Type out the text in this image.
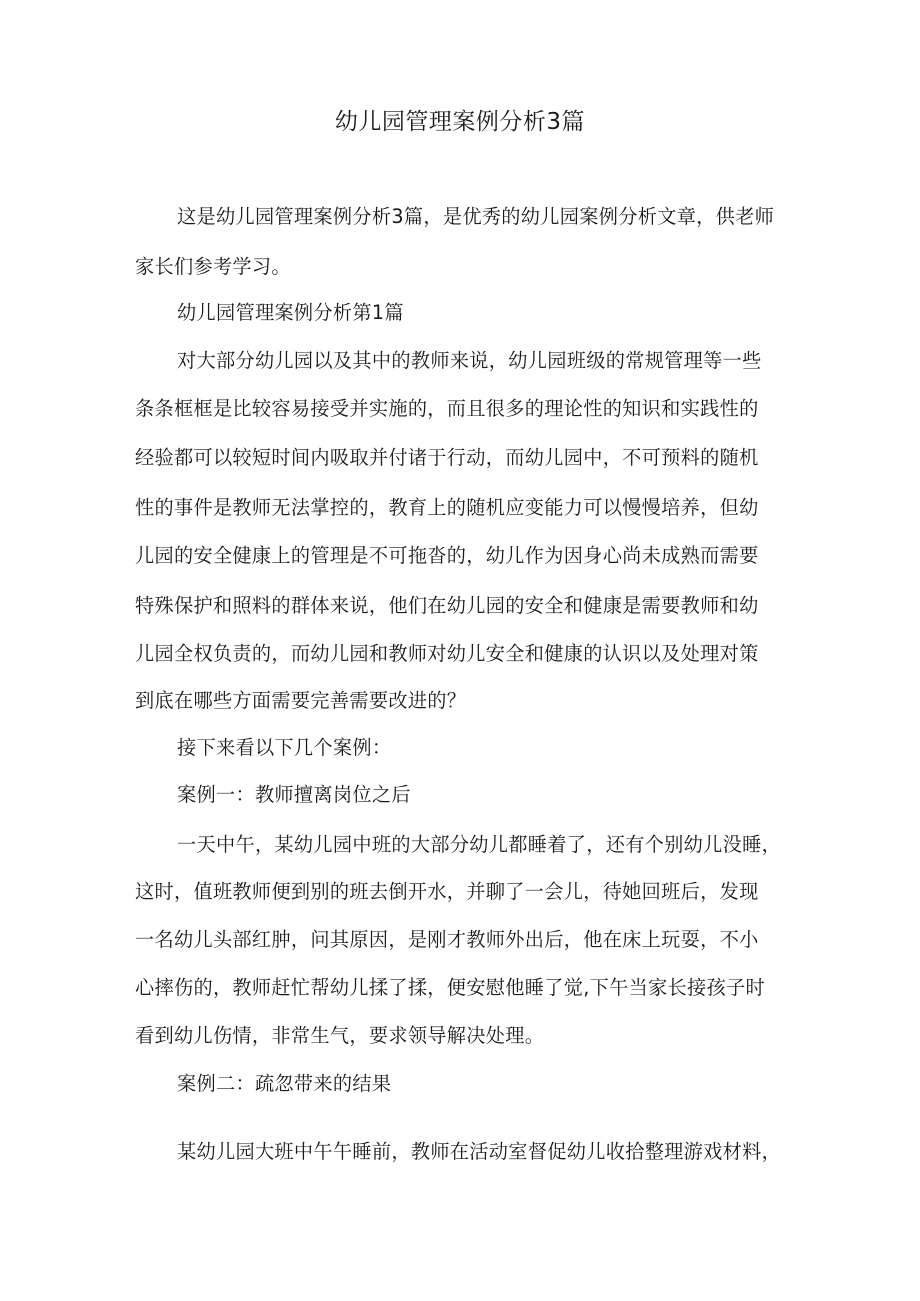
幼儿园管理案例分析3篇
这是幼儿园管理案例分析3篇，是优秀的幼儿园案例分析文章，供老师
家长们参考学习。
幼儿园管理案例分析第1篇
对大部分幼儿园以及其中的教师来说，幼儿园班级的常规管理等一些
条条框框是比较容易接受并实施的，而且很多的理论性的知识和实践性的
经验都可以较短时间内吸取并付诸于行动，而幼儿园中，不可预料的随机
性的事件是教师无法掌控的，教育上的随机应变能力可以慢慢培养，但幼
儿园的安全健康上的管理是不可拖沓的，幼儿作为因身心尚未成熟而需要
特殊保护和照料的群体来说，他们在幼儿园的安全和健康是需要教师和幼
儿园全权负责的，而幼儿园和教师对幼儿安全和健康的认识以及处理对策
到底在哪些方面需要完善需要改进的？
接下来看以下几个案例：
案例一：教师擅离岗位之后
一天中午，某幼儿园中班的大部分幼儿都睡着了，还有个别幼儿没睡，
这时，值班教师便到别的班去倒开水，并聊了一会儿，待她回班后，发现
一名幼儿头部红肿，问其原因，是刚才教师外出后，他在床上玩耍，不小
心摔伤的，教师赶忙帮幼儿揉了揉，便安慰他睡了觉,下午当家长接孩子时
看到幼儿伤情，非常生气，要求领导解决处理。
案例二：疏忽带来的结果
某幼儿园大班中午午睡前，教师在活动室督促幼儿收拾整理游戏材料，
